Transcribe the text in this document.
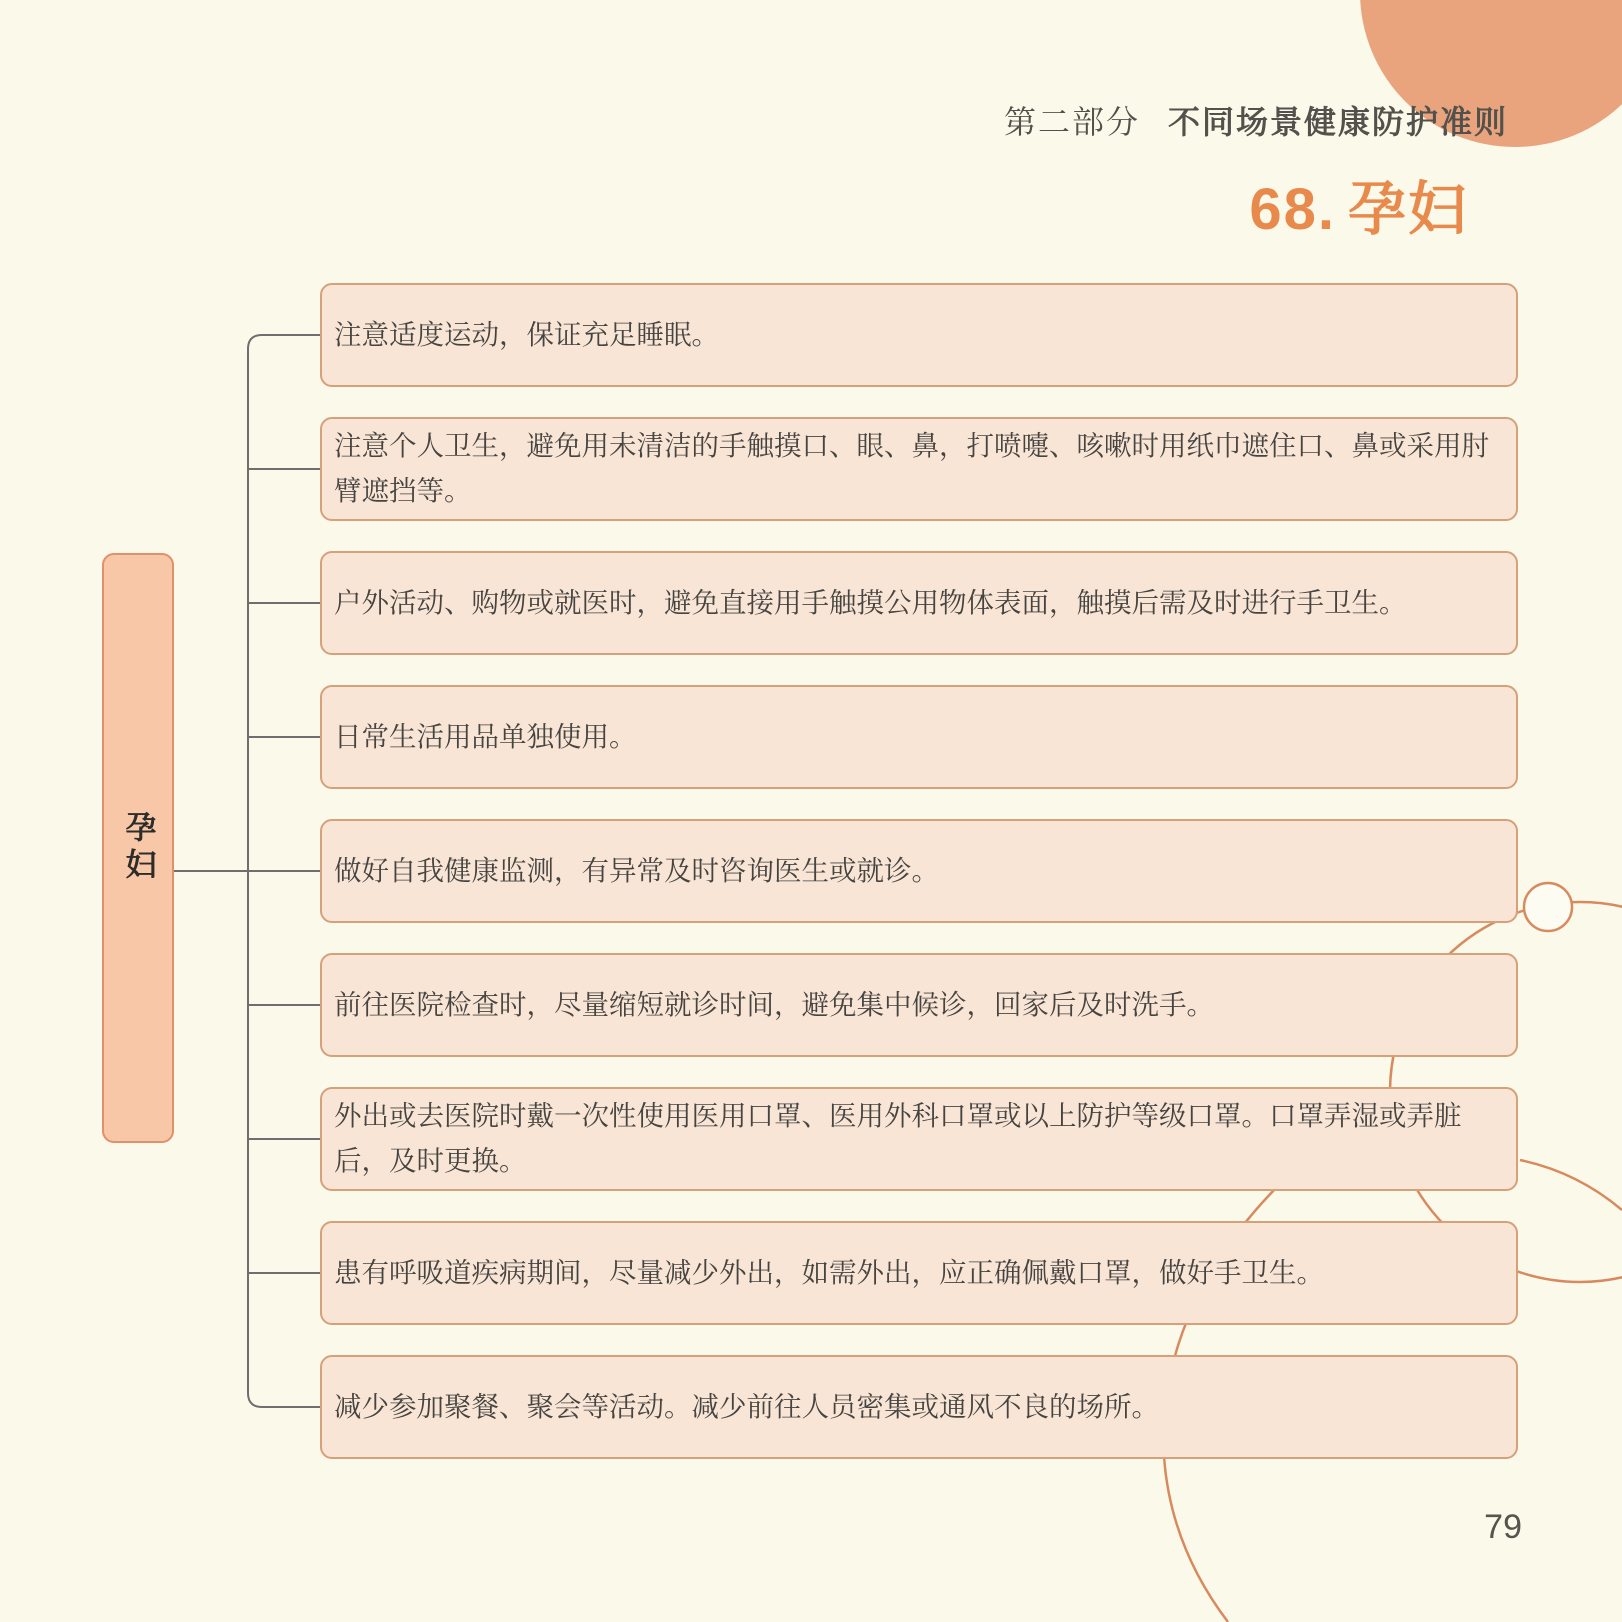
第二部分 不同场景健康防护准则
68. 孕妇
孕妇
注意适度运动，保证充足睡眠。
注意个人卫生，避免用未清洁的手触摸口、眼、鼻，打喷嚏、咳嗽时用纸巾遮住口、鼻或采用肘臂遮挡等。
户外活动、购物或就医时，避免直接用手触摸公用物体表面，触摸后需及时进行手卫生。
日常生活用品单独使用。
做好自我健康监测，有异常及时咨询医生或就诊。
前往医院检查时，尽量缩短就诊时间，避免集中候诊，回家后及时洗手。
外出或去医院时戴一次性使用医用口罩、医用外科口罩或以上防护等级口罩。口罩弄湿或弄脏后，及时更换。
患有呼吸道疾病期间，尽量减少外出，如需外出，应正确佩戴口罩，做好手卫生。
减少参加聚餐、聚会等活动。减少前往人员密集或通风不良的场所。
79
